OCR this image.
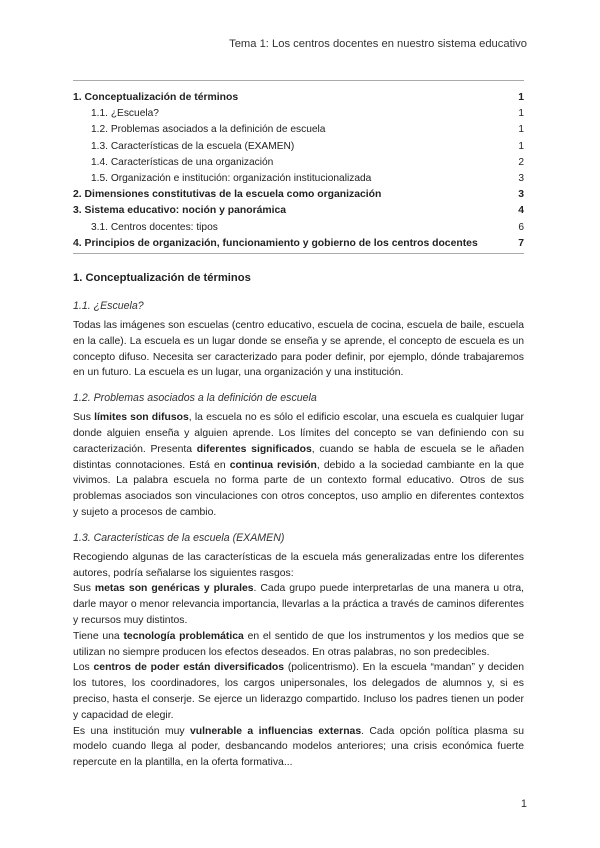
Tema 1: Los centros docentes en nuestro sistema educativo
1. Conceptualización de términos	1
1.1. ¿Escuela?	1
1.2. Problemas asociados a la definición de escuela	1
1.3. Características de la escuela (EXAMEN)	1
1.4. Características de una organización	2
1.5. Organización e institución: organización institucionalizada	3
2. Dimensiones constitutivas de la escuela como organización	3
3. Sistema educativo: noción y panorámica	4
3.1. Centros docentes: tipos	6
4. Principios de organización, funcionamiento y gobierno de los centros docentes	7
1. Conceptualización de términos
1.1. ¿Escuela?

Todas las imágenes son escuelas (centro educativo, escuela de cocina, escuela de baile, escuela en la calle). La escuela es un lugar donde se enseña y se aprende, el concepto de escuela es un concepto difuso. Necesita ser caracterizado para poder definir, por ejemplo, dónde trabajaremos en un futuro. La escuela es un lugar, una organización y una institución.

1.2. Problemas asociados a la definición de escuela

Sus límites son difusos, la escuela no es sólo el edificio escolar, una escuela es cualquier lugar donde alguien enseña y alguien aprende. Los límites del concepto se van definiendo con su caracterización. Presenta diferentes significados, cuando se habla de escuela se le añaden distintas connotaciones. Está en continua revisión, debido a la sociedad cambiante en la que vivimos. La palabra escuela no forma parte de un contexto formal educativo. Otros de sus problemas asociados son vinculaciones con otros conceptos, uso amplio en diferentes contextos y sujeto a procesos de cambio.

1.3. Características de la escuela (EXAMEN)

Recogiendo algunas de las características de la escuela más generalizadas entre los diferentes autores, podría señalarse los siguientes rasgos:

Sus metas son genéricas y plurales. Cada grupo puede interpretarlas de una manera u otra, darle mayor o menor relevancia importancia, llevarlas a la práctica a través de caminos diferentes y recursos muy distintos.

Tiene una tecnología problemática en el sentido de que los instrumentos y los medios que se utilizan no siempre producen los efectos deseados. En otras palabras, no son predecibles.

Los centros de poder están diversificados (policentrismo). En la escuela “mandan” y deciden los tutores, los coordinadores, los cargos unipersonales, los delegados de alumnos y, si es preciso, hasta el conserje. Se ejerce un liderazgo compartido. Incluso los padres tienen un poder y capacidad de elegir.

Es una institución muy vulnerable a influencias externas. Cada opción política plasma su modelo cuando llega al poder, desbancando modelos anteriores; una crisis económica fuerte repercute en la plantilla, en la oferta formativa...

1
